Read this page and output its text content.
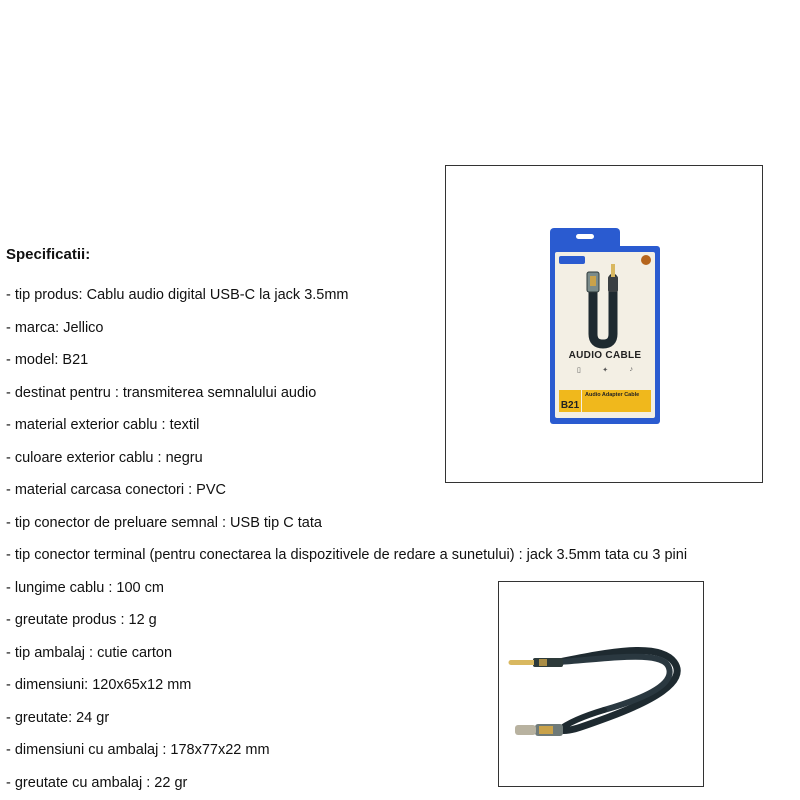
Specificatii:
- tip produs: Cablu audio digital USB-C la jack 3.5mm
- marca: Jellico
- model: B21
- destinat pentru : transmiterea semnalului audio
- material exterior cablu : textil
- culoare exterior cablu : negru
- material carcasa conectori : PVC
- tip conector de preluare semnal : USB tip C tata
- tip conector terminal (pentru conectarea la dispozitivele de redare a sunetului) : jack 3.5mm tata cu 3 pini
- lungime cablu : 100 cm
- greutate produs : 12 g
- tip ambalaj : cutie carton
- dimensiuni: 120x65x12 mm
- greutate: 24 gr
- dimensiuni cu ambalaj : 178x77x22 mm
- greutate cu ambalaj : 22 gr
AUDIO CABLE
▯	✦	♪
B21
Audio Adapter Cable
